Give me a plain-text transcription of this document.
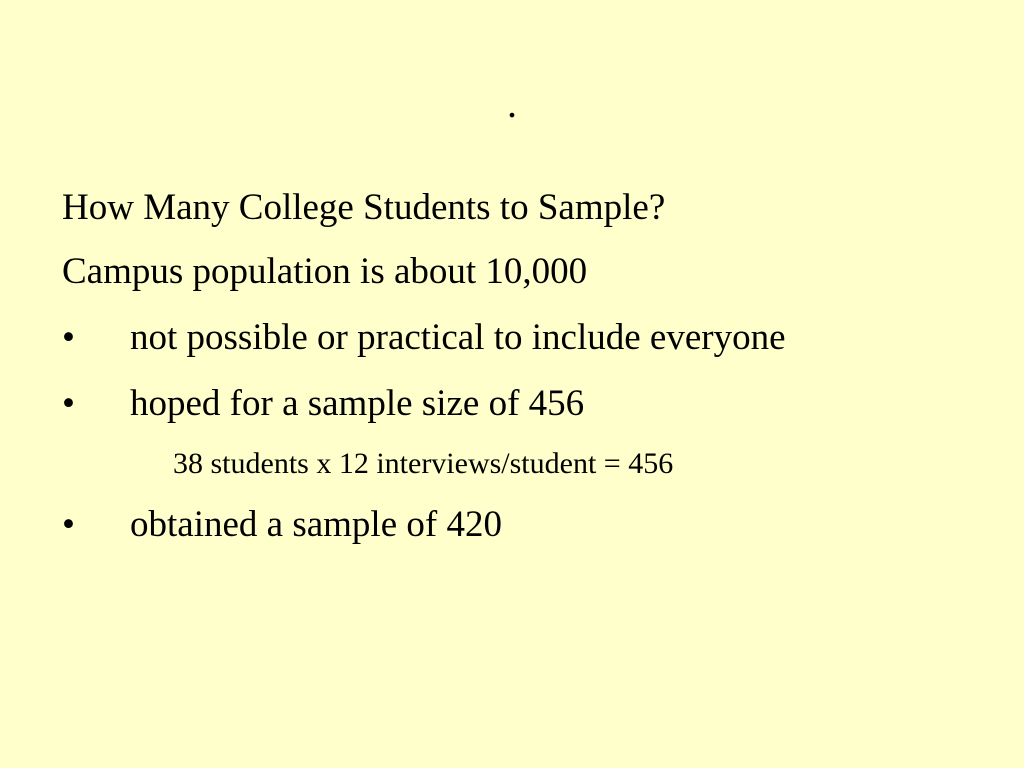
.
How Many College Students to Sample?
Campus population is about 10,000
• not possible or practical to include everyone
• hoped for a sample size of 456
38 students x 12 interviews/student = 456
• obtained a sample of 420
